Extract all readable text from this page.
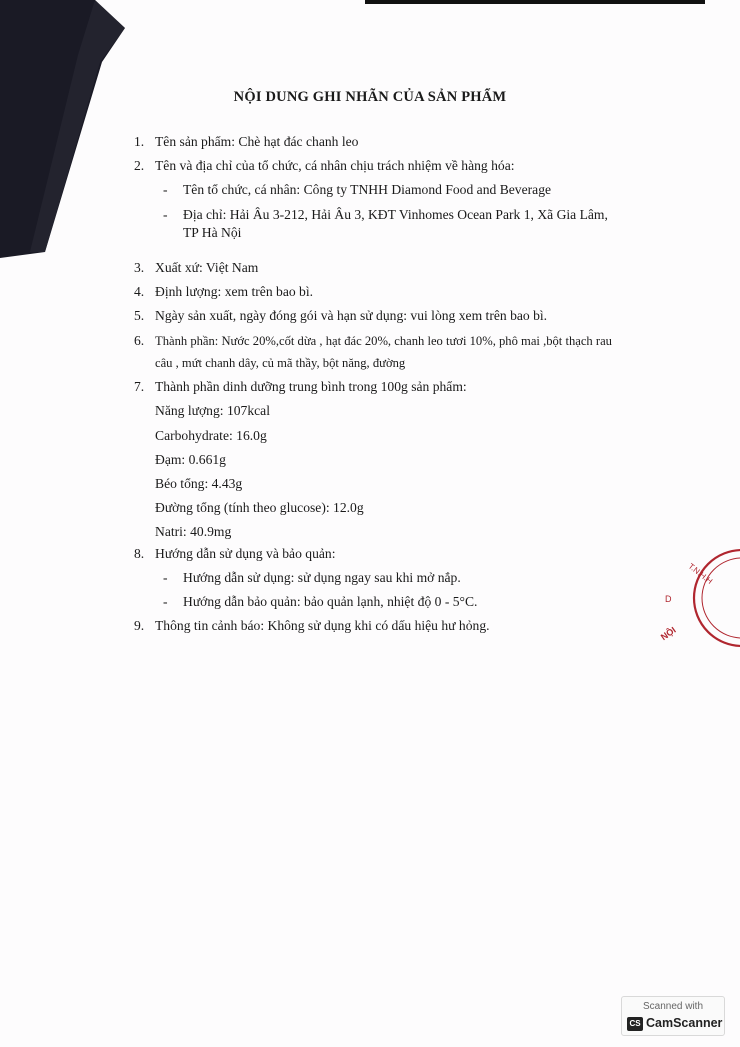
NỘI DUNG GHI NHÃN CỦA SẢN PHẨM
1. Tên sản phẩm: Chè hạt đác chanh leo
2. Tên và địa chỉ của tổ chức, cá nhân chịu trách nhiệm về hàng hóa:
- Tên tổ chức, cá nhân: Công ty TNHH Diamond Food and Beverage
- Địa chỉ: Hải Âu 3-212, Hải Âu 3, KĐT Vinhomes Ocean Park 1, Xã Gia Lâm,
TP Hà Nội
3. Xuất xứ: Việt Nam
4. Định lượng: xem trên bao bì.
5. Ngày sản xuất, ngày đóng gói và hạn sử dụng: vui lòng xem trên bao bì.
6. Thành phần: Nước 20%,cốt dừa , hạt đác 20%, chanh leo tươi 10%, phô mai ,bột thạch rau
câu , mứt chanh dây, củ mã thầy, bột năng, đường
7. Thành phần dinh dưỡng trung bình trong 100g sản phẩm:
Năng lượng: 107kcal
Carbohydrate: 16.0g
Đạm: 0.661g
Béo tổng: 4.43g
Đường tổng (tính theo glucose): 12.0g
Natri: 40.9mg
8. Hướng dẫn sử dụng và bảo quản:
- Hướng dẫn sử dụng: sử dụng ngay sau khi mở nắp.
- Hướng dẫn bảo quản: bảo quản lạnh, nhiệt độ 0 - 5°C.
9. Thông tin cảnh báo: Không sử dụng khi có dấu hiệu hư hỏng.
T.N.H.H
D
NỘI
Scanned with
CS CamScanner
